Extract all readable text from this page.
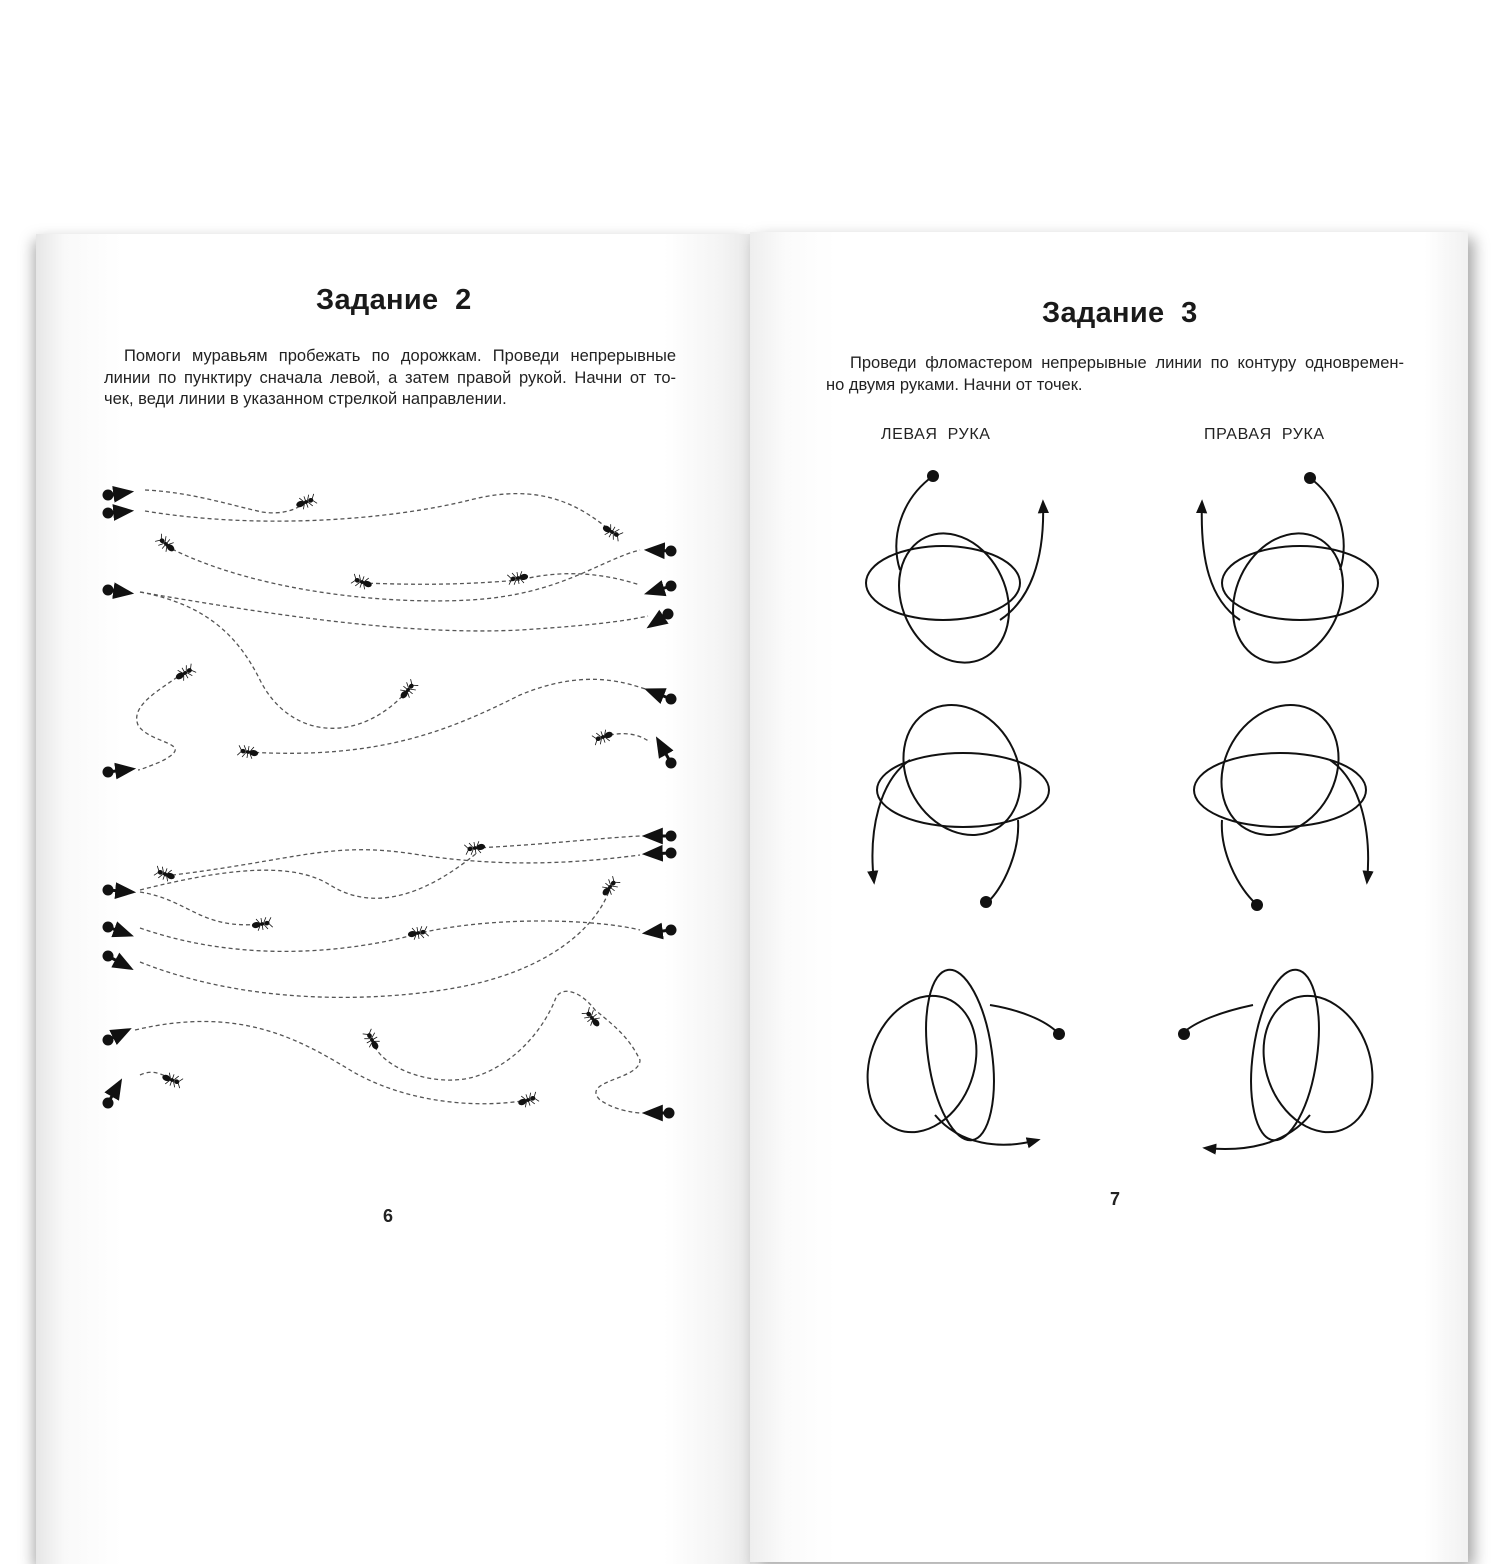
Задание  2
Помоги муравьям пробежать по дорожкам. Проведи непрерывные
линии по пунктиру сначала левой, а затем правой рукой. Начни от то-
чек, веди линии в указанном стрелкой направлении.
6
Задание  3
Проведи фломастером непрерывные линии по контуру одновремен-
но двумя руками. Начни от точек.
ЛЕВАЯ  РУКА	ПРАВАЯ  РУКА
7
